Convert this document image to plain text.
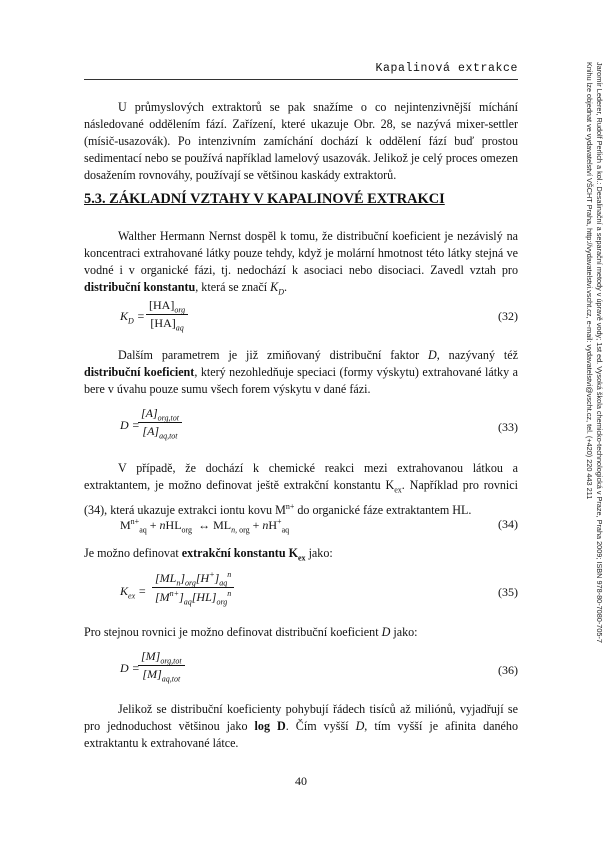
Kapalinová extrakce	Jaromír Lederer, Rudolf Perlich a kol.: Desalinační a separační metody v úpravě vody; 1st ed. Vysoká škola chemicko-technologická v Praze, Praha 2009; ISBN 978-80-7080-705-7
Knihu lze objednat ve vydavatelství VŠCHT Praha, http://vydavatelstvi.vscht.cz, e-mail: vydavatelstvi@vscht.cz, tel. (+420) 220 443 211
U průmyslových extraktorů se pak snažíme o co nejintenzivnější míchání následované oddělením fází. Zařízení, které ukazuje Obr. 28, se nazývá mixer-settler (mísič-usazovák). Po intenzivním zamíchání dochází k oddělení fází buď prostou sedimentací nebo se používá například lamelový usazovák. Jelikož je celý proces omezen dosažením rovnováhy, používají se většinou kaskády extraktorů.
5.3. ZÁKLADNÍ VZTAHY V KAPALINOVÉ EXTRAKCI
Walther Hermann Nernst dospěl k tomu, že distribuční koeficient je nezávislý na koncentraci extrahované látky pouze tehdy, když je molární hmotnost této látky stejná ve vodné i v organické fázi, tj. nedochází k asociaci nebo disociaci. Zavedl vztah pro distribuční konstantu, která se značí $K_D$.
$K_D$ =
$[HA]_{org}$
$[HA]_{aq}$
(32)
Dalším parametrem je již zmiňovaný distribuční faktor D, nazývaný též distribuční koeficient, který nezohledňuje speciaci (formy výskytu) extrahované látky a bere v úvahu pouze sumu všech forem výskytu v dané fázi.
D =
$[A]_{org,tot}$
$[A]_{aq,tot}$
(33)
V případě, že dochází k chemické reakci mezi extrahovanou látkou a extraktantem, je možno definovat ještě extrakční konstantu $K_{ex}$. Například pro rovnici (34), která ukazuje extrakci iontu kovu $M^{n+}$ do organické fáze extraktantem HL.
$M^{n+}_{aq} + nHL_{org}$  ↔ $ML_{n, org} + nH^+_{aq}$	(34)
Je možno definovat extrakční konstantu $K_{ex}$ jako:
$K_{ex}$ =
$[ML_n]_{org}[H^+]_{aq}^n$
$[M^{n+}]_{aq}[HL]_{org}^n$	(35)
Pro stejnou rovnici je možno definovat distribuční koeficient D jako:
D =
$[M]_{org,tot}$
$[M]_{aq,tot}$
(36)
Jelikož se distribuční koeficienty pohybují řádech tisíců až miliónů, vyjadřují se pro jednoduchost většinou jako log D. Čím vyšší D, tím vyšší je afinita daného extraktantu k extrahované látce.
40
